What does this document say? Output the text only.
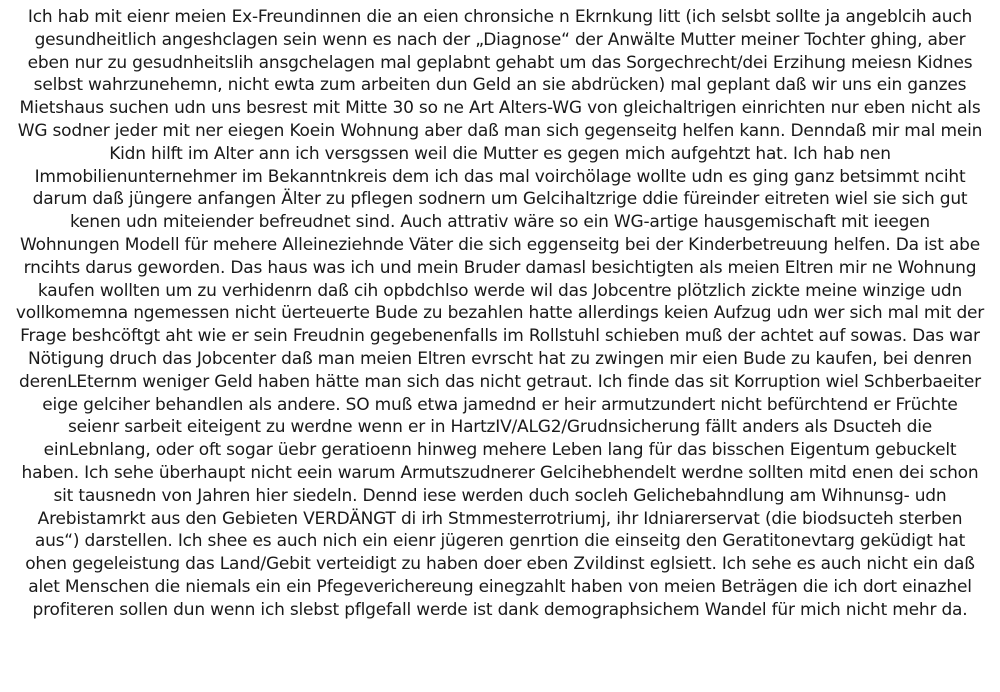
Ich hab mit eienr meien Ex-Freundinnen die an eien chronsiche n Ekrnkung litt (ich selsbt sollte ja angeblcih auch
gesundheitlich angeshclagen sein wenn es nach der „Diagnose“ der Anwälte Mutter meiner Tochter ghing, aber
eben nur zu gesudnheitslih ansgchelagen mal geplabnt gehabt um das Sorgechrecht/dei Erzihung meiesn Kidnes
selbst wahrzunehemn, nicht ewta zum arbeiten dun Geld an sie abdrücken) mal geplant daß wir uns ein ganzes
Mietshaus suchen udn uns besrest mit Mitte 30 so ne Art Alters-WG von gleichaltrigen einrichten nur eben nicht als
WG sodner jeder mit ner eiegen Koein Wohnung aber daß man sich gegenseitg helfen kann. Denndaß mir mal mein
Kidn hilft im Alter ann ich versgssen weil die Mutter es gegen mich aufgehtzt hat. Ich hab nen
Immobilienunternehmer im Bekanntnkreis dem ich das mal voirchölage wollte udn es ging ganz betsimmt nciht
darum daß jüngere anfangen Älter zu pflegen sodnern um Gelcihaltzrige ddie füreinder eitreten wiel sie sich gut
kenen udn miteiender befreudnet sind. Auch attrativ wäre so ein WG-artige hausgemischaft mit ieegen
Wohnungen Modell für mehere Alleineziehnde Väter die sich eggenseitg bei der Kinderbetreuung helfen. Da ist abe
rncihts darus geworden. Das haus was ich und mein Bruder damasl besichtigten als meien Eltren mir ne Wohnung
kaufen wollten um zu verhidenrn daß cih opbdchlso werde wil das Jobcentre plötzlich zickte meine winzige udn
vollkomemna ngemessen nicht üerteuerte Bude zu bezahlen hatte allerdings keien Aufzug udn wer sich mal mit der
Frage beshcöftgt aht wie er sein Freudnin gegebenenfalls im Rollstuhl schieben muß der achtet auf sowas. Das war
Nötigung druch das Jobcenter daß man meien Eltren evrscht hat zu zwingen mir eien Bude zu kaufen, bei denren
derenLEternm weniger Geld haben hätte man sich das nicht getraut. Ich finde das sit Korruption wiel Schberbaeiter
eige gelciher behandlen als andere. SO muß etwa jamednd er heir armutzundert nicht befürchtend er Früchte
seienr sarbeit eiteigent zu werdne wenn er in HartzIV/ALG2/Grudnsicherung fällt anders als Dsucteh die
einLebnlang, oder oft sogar üebr geratioenn hinweg mehere Leben lang für das bisschen Eigentum gebuckelt
haben. Ich sehe überhaupt nicht eein warum Armutszudnerer Gelcihebhendelt werdne sollten mitd enen dei schon
sit tausnedn von Jahren hier siedeln. Dennd iese werden duch socleh Gelichebahndlung am Wihnunsg- udn
Arebistamrkt aus den Gebieten VERDÄNGT di irh Stmmesterrotriumj, ihr Idniarerservat (die biodsucteh sterben
aus“) darstellen. Ich shee es auch nich ein eienr jügeren genrtion die einseitg den Geratitonevtarg geküdigt hat
ohen gegeleistung das Land/Gebit verteidigt zu haben doer eben Zvildinst eglsiett. Ich sehe es auch nicht ein daß
alet Menschen die niemals ein ein Pfegeverichereung einegzahlt haben von meien Beträgen die ich dort einazhel
profiteren sollen dun wenn ich slebst pflgefall werde ist dank demographsichem Wandel für mich nicht mehr da.
